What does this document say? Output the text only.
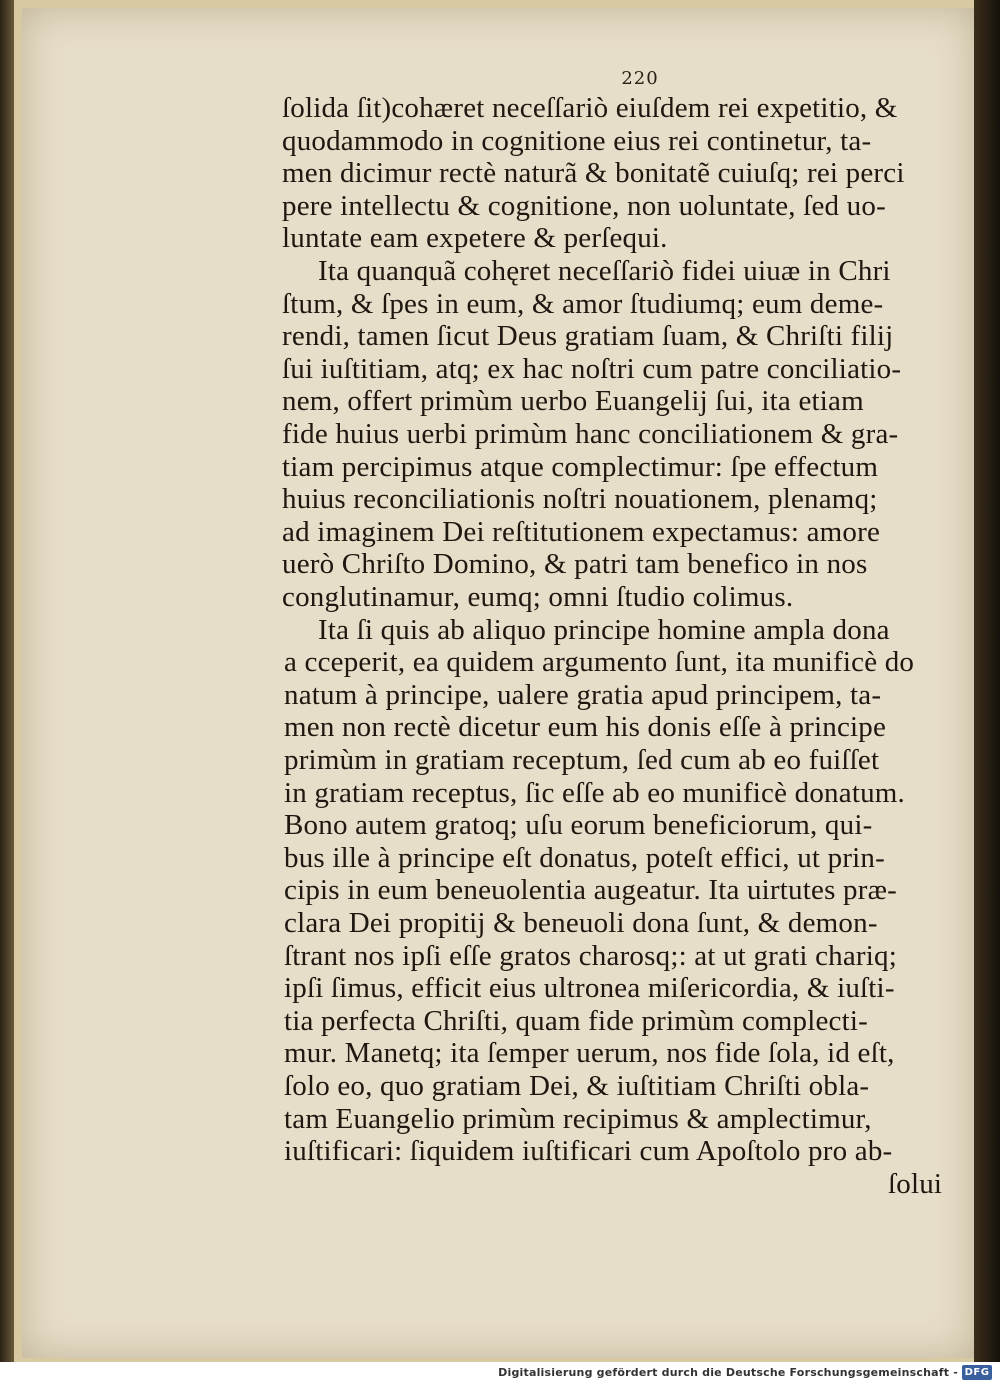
220
ſolida ſit)cohæret neceſſariò eiuſdem rei expetitio, &
quodammodo in cognitione eius rei continetur, ta-
men dicimur rectè naturã & bonitatẽ cuiuſq; rei perci
pere intellectu & cognitione, non uoluntate, ſed uo-
luntate eam expetere & perſequi.
Ita quanquã cohęret neceſſariò fidei uiuæ in Chri
ſtum, & ſpes in eum, & amor ſtudiumq; eum deme-
rendi, tamen ſicut Deus gratiam ſuam, & Chriſti filij
ſui iuſtitiam, atq; ex hac noſtri cum patre conciliatio-
nem, offert primùm uerbo Euangelij ſui, ita etiam
fide huius uerbi primùm hanc conciliationem & gra-
tiam percipimus atque complectimur: ſpe effectum
huius reconciliationis noſtri nouationem, plenamq;
ad imaginem Dei reſtitutionem expectamus: amore
uerò Chriſto Domino, & patri tam benefico in nos
conglutinamur, eumq; omni ſtudio colimus.
Ita ſi quis ab aliquo principe homine ampla dona
a cceperit, ea quidem argumento ſunt, ita munificè do
natum à principe, ualere gratia apud principem, ta-
men non rectè dicetur eum his donis eſſe à principe
primùm in gratiam receptum, ſed cum ab eo fuiſſet
in gratiam receptus, ſic eſſe ab eo munificè donatum.
Bono autem gratoq; uſu eorum beneficiorum, qui-
bus ille à principe eſt donatus, poteſt effici, ut prin-
cipis in eum beneuolentia augeatur. Ita uirtutes præ-
clara Dei propitij & beneuoli dona ſunt, & demon-
ſtrant nos ipſi eſſe gratos charosq;: at ut grati chariq;
ipſi ſimus, efficit eius ultronea miſericordia, & iuſti-
tia perfecta Chriſti, quam fide primùm complecti-
mur. Manetq; ita ſemper uerum, nos fide ſola, id eſt,
ſolo eo, quo gratiam Dei, & iuſtitiam Chriſti obla-
tam Euangelio primùm recipimus & amplectimur,
iuſtificari: ſiquidem iuſtificari cum Apoſtolo pro ab-
ſolui
Digitalisierung gefördert durch die Deutsche Forschungsgemeinschaft - DFG
